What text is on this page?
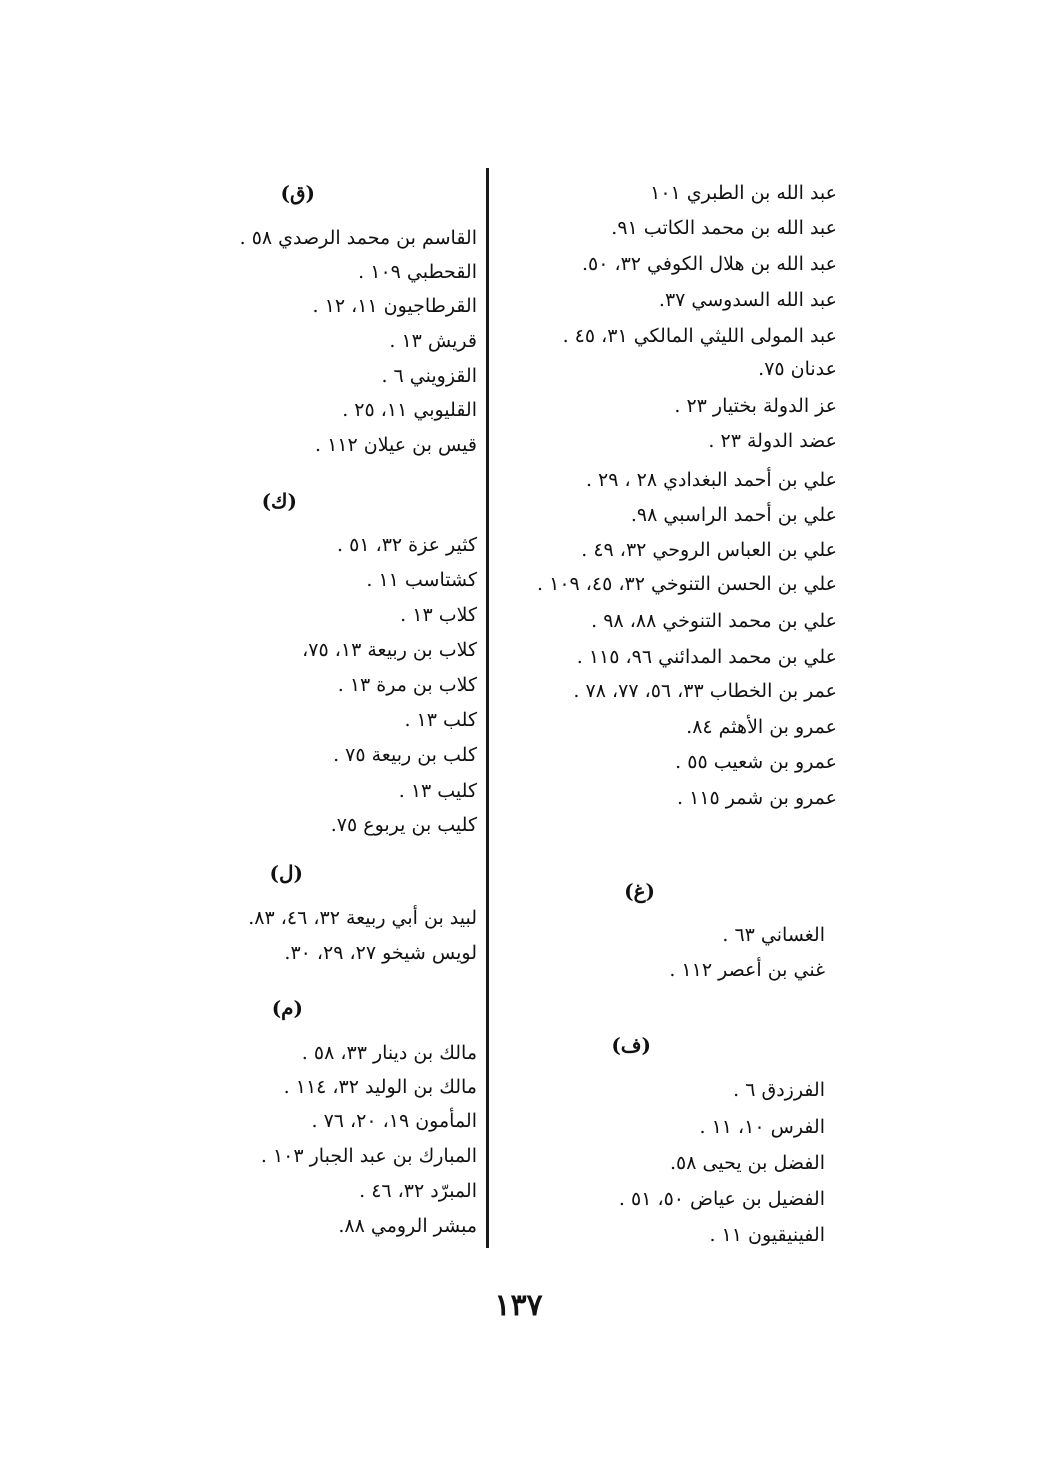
عبد الله بن الطبري ١٠١
عبد الله بن محمد الكاتب ٩١.
عبد الله بن هلال الكوفي ٣٢، ٥٠.
عبد الله السدوسي ٣٧.
عبد المولى الليثي المالكي ٣١، ٤٥ .
عدنان ٧٥.
عز الدولة بختيار ٢٣ .
عضد الدولة ٢٣ .
علي بن أحمد البغدادي ٢٨ ، ٢٩ .
علي بن أحمد الراسبي ٩٨.
علي بن العباس الروحي ٣٢، ٤٩ .
علي بن الحسن التنوخي ٣٢، ٤٥، ١٠٩ .
علي بن محمد التنوخي ٨٨، ٩٨ .
علي بن محمد المدائني ٩٦، ١١٥ .
عمر بن الخطاب ٣٣، ٥٦، ٧٧، ٧٨ .
عمرو بن الأهثم ٨٤.
عمرو بن شعيب ٥٥ .
عمرو بن شمر ١١٥ .
(غ)
الغساني ٦٣ .
غني بن أعصر ١١٢ .
(ف)
الفرزدق ٦ .
الفرس ١٠، ١١ .
الفضل بن يحيى ٥٨.
الفضيل بن عياض ٥٠، ٥١ .
الفينيقيون ١١ .
(ق)
القاسم بن محمد الرصدي ٥٨ .
القحطبي ١٠٩ .
القرطاجيون ١١، ١٢ .
قريش ١٣ .
القزويني ٦ .
القليوبي ١١، ٢٥ .
قيس بن عيلان ١١٢ .
(ك)
كثير عزة ٣٢، ٥١ .
كشتاسب ١١ .
كلاب ١٣ .
كلاب بن ربيعة ١٣، ٧٥،
كلاب بن مرة ١٣ .
كلب ١٣ .
كلب بن ربيعة ٧٥ .
كليب ١٣ .
كليب بن يربوع ٧٥.
(ل)
لبيد بن أبي ربيعة ٣٢، ٤٦، ٨٣.
لويس شيخو ٢٧، ٢٩، ٣٠.
(م)
مالك بن دينار ٣٣، ٥٨ .
مالك بن الوليد ٣٢، ١١٤ .
المأمون ١٩، ٢٠، ٧٦ .
المبارك بن عبد الجبار ١٠٣ .
المبرّد ٣٢، ٤٦ .
مبشر الرومي ٨٨.
١٣٧
